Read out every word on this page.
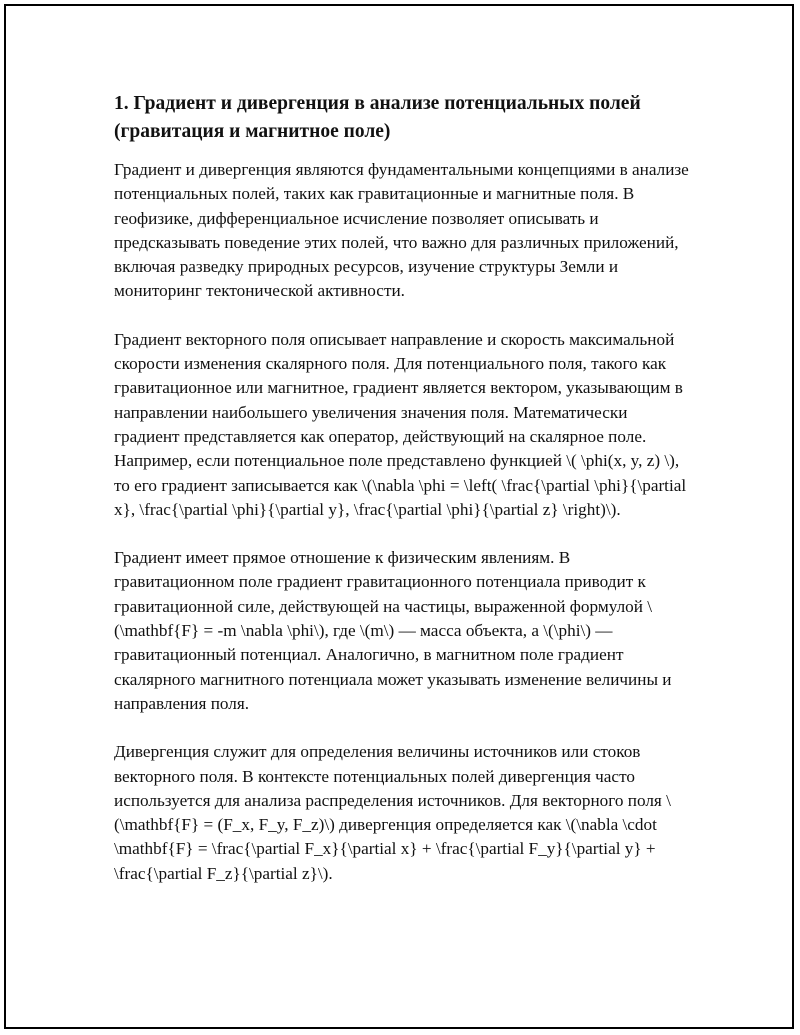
1. Градиент и дивергенция в анализе потенциальных полей (гравитация и магнитное поле)

Градиент и дивергенция являются фундаментальными концепциями в анализе потенциальных полей, таких как гравитационные и магнитные поля. В геофизике, дифференциальное исчисление позволяет описывать и предсказывать поведение этих полей, что важно для различных приложений, включая разведку природных ресурсов, изучение структуры Земли и мониторинг тектонической активности.

Градиент векторного поля описывает направление и скорость максимальной скорости изменения скалярного поля. Для потенциального поля, такого как гравитационное или магнитное, градиент является вектором, указывающим в направлении наибольшего увеличения значения поля. Математически градиент представляется как оператор, действующий на скалярное поле. Например, если потенциальное поле представлено функцией \( \phi(x, y, z) \), то его градиент записывается как \(\nabla \phi = \left( \frac{\partial \phi}{\partial x}, \frac{\partial \phi}{\partial y}, \frac{\partial \phi}{\partial z} \right)\).

Градиент имеет прямое отношение к физическим явлениям. В гравитационном поле градиент гравитационного потенциала приводит к гравитационной силе, действующей на частицы, выраженной формулой \(\mathbf{F} = -m \nabla \phi\), где \(m\) — масса объекта, а \(\phi\) — гравитационный потенциал. Аналогично, в магнитном поле градиент скалярного магнитного потенциала может указывать изменение величины и направления поля.

Дивергенция служит для определения величины источников или стоков векторного поля. В контексте потенциальных полей дивергенция часто используется для анализа распределения источников. Для векторного поля \(\mathbf{F} = (F_x, F_y, F_z)\) дивергенция определяется как \(\nabla \cdot \mathbf{F} = \frac{\partial F_x}{\partial x} + \frac{\partial F_y}{\partial y} + \frac{\partial F_z}{\partial z}\).
